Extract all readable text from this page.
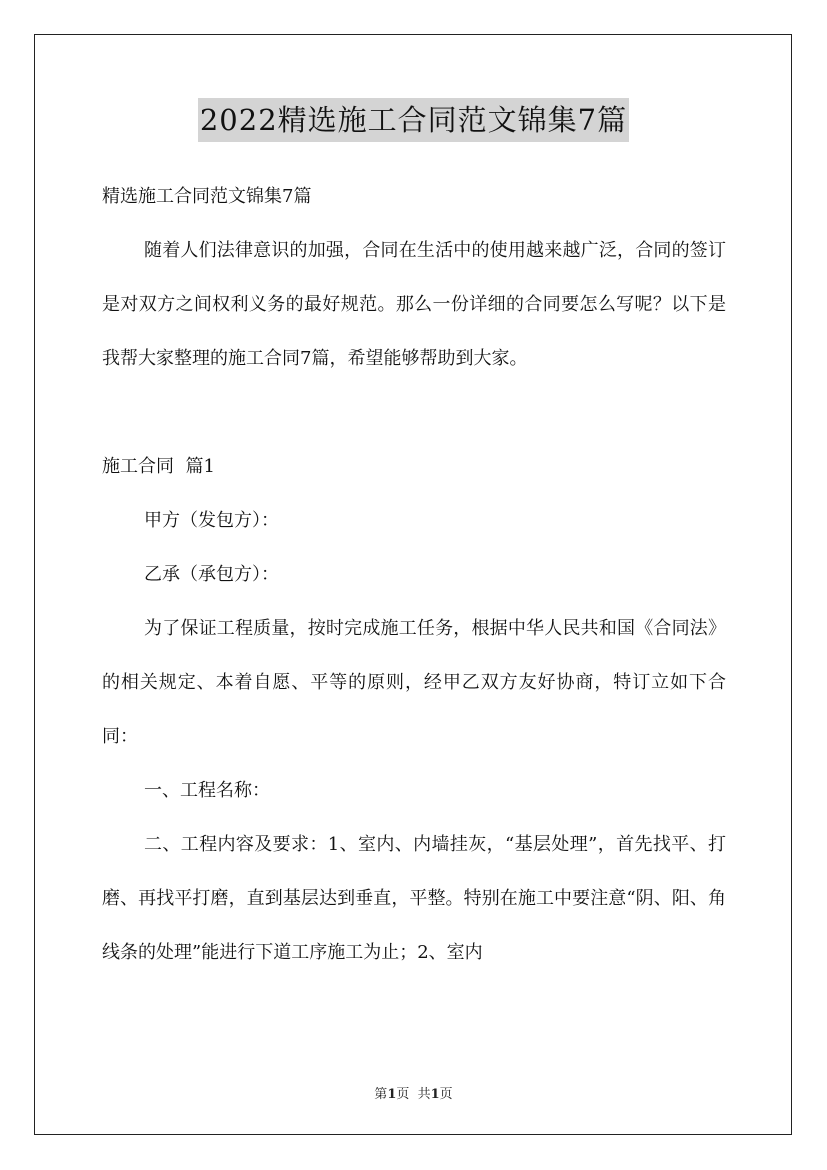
2022精选施工合同范文锦集7篇
精选施工合同范文锦集7篇
随着人们法律意识的加强，合同在生活中的使用越来越广泛，合同的签订是对双方之间权利义务的最好规范。那么一份详细的合同要怎么写呢？以下是我帮大家整理的施工合同7篇，希望能够帮助到大家。
施工合同  篇1
甲方（发包方）：
乙承（承包方）：
为了保证工程质量，按时完成施工任务，根据中华人民共和国《合同法》的相关规定、本着自愿、平等的原则，经甲乙双方友好协商，特订立如下合同：
一、工程名称：
二、工程内容及要求：1、室内、内墙挂灰，“基层处理”，首先找平、打磨、再找平打磨，直到基层达到垂直，平整。特别在施工中要注意“阴、阳、角线条的处理”能进行下道工序施工为止；2、室内
第1页  共1页
